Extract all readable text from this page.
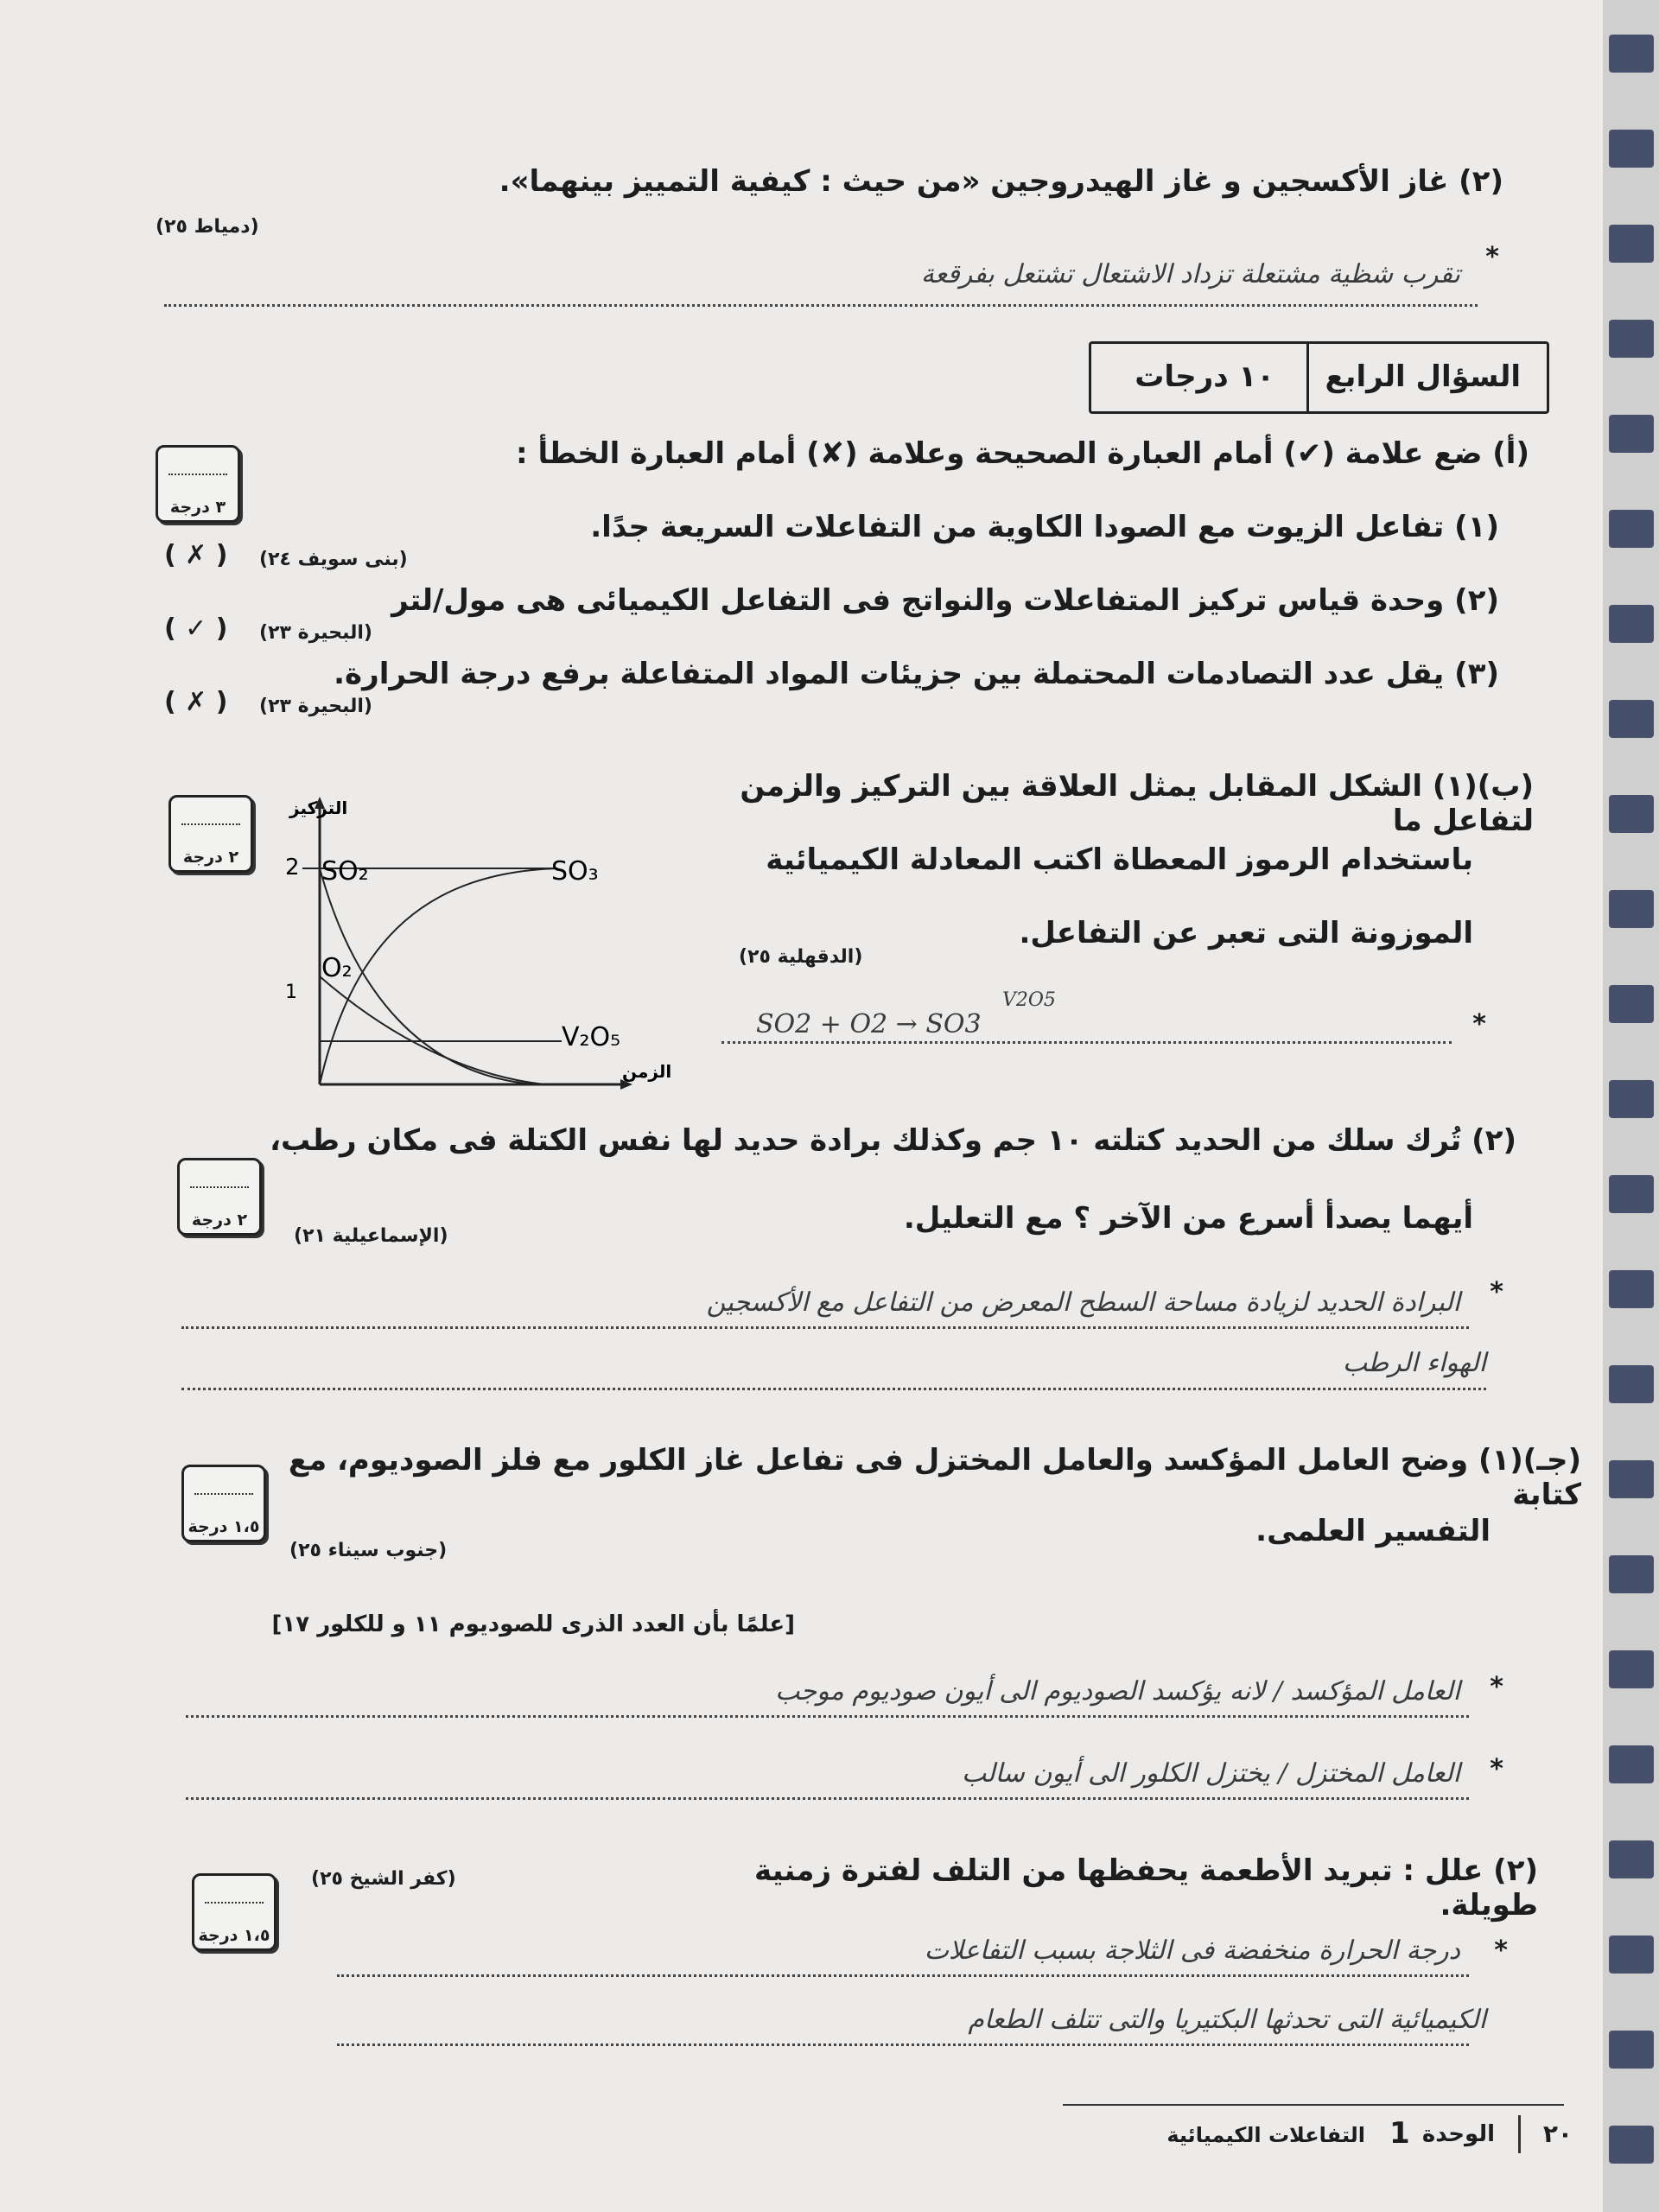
(٢) غاز الأكسجين و غاز الهيدروجين «من حيث : كيفية التمييز بينهما».
(دمياط ٢٥)
*
تقرب شظية مشتعلة تزداد الاشتعال تشتعل بفرقعة
السؤال الرابع
١٠ درجات
(أ) ضع علامة (✔) أمام العبارة الصحيحة وعلامة (✘) أمام العبارة الخطأ :
٣ درجة
(١) تفاعل الزيوت مع الصودا الكاوية من التفاعلات السريعة جدًا.
(بنى سويف ٢٤)
( ✗ )
(٢) وحدة قياس تركيز المتفاعلات والنواتج فى التفاعل الكيميائى هى مول/لتر
(البحيرة ٢٣)
( ✓ )
(٣) يقل عدد التصادمات المحتملة بين جزيئات المواد المتفاعلة برفع درجة الحرارة.
(البحيرة ٢٣)
( ✗ )
٢ درجة
(ب)(١) الشكل المقابل يمثل العلاقة بين التركيز والزمن لتفاعل ما
باستخدام الرموز المعطاة اكتب المعادلة الكيميائية
الموزونة التى تعبر عن التفاعل.
(الدقهلية ٢٥)
*
SO2 + O2 → SO3
V2O5
التركيز
الزمن
2
1
SO₂	SO₃
O₂
V₂O₅
٢ درجة
(٢) تُرك سلك من الحديد كتلته ١٠ جم وكذلك برادة حديد لها نفس الكتلة فى مكان رطب،
أيهما يصدأ أسرع من الآخر ؟ مع التعليل.
(الإسماعيلية ٢١)
*
البرادة الحديد لزيادة مساحة السطح المعرض من التفاعل مع الأكسجين
الهواء الرطب
١،٥ درجة
(جـ)(١) وضح العامل المؤكسد والعامل المختزل فى تفاعل غاز الكلور مع فلز الصوديوم، مع كتابة
التفسير العلمى.
(جنوب سيناء ٢٥)
[علمًا بأن العدد الذرى للصوديوم ١١ و للكلور ١٧]
*
العامل المؤكسد / لانه يؤكسد الصوديوم الى أيون صوديوم موجب
*
العامل المختزل / يختزل الكلور الى أيون سالب
١،٥ درجة
(٢) علل : تبريد الأطعمة يحفظها من التلف لفترة زمنية طويلة.
(كفر الشيخ ٢٥)
*
درجة الحرارة منخفضة فى الثلاجة بسبب التفاعلات
الكيميائية التى تحدثها البكتيريا والتى تتلف الطعام
٢٠
الوحدة
1
التفاعلات الكيميائية
